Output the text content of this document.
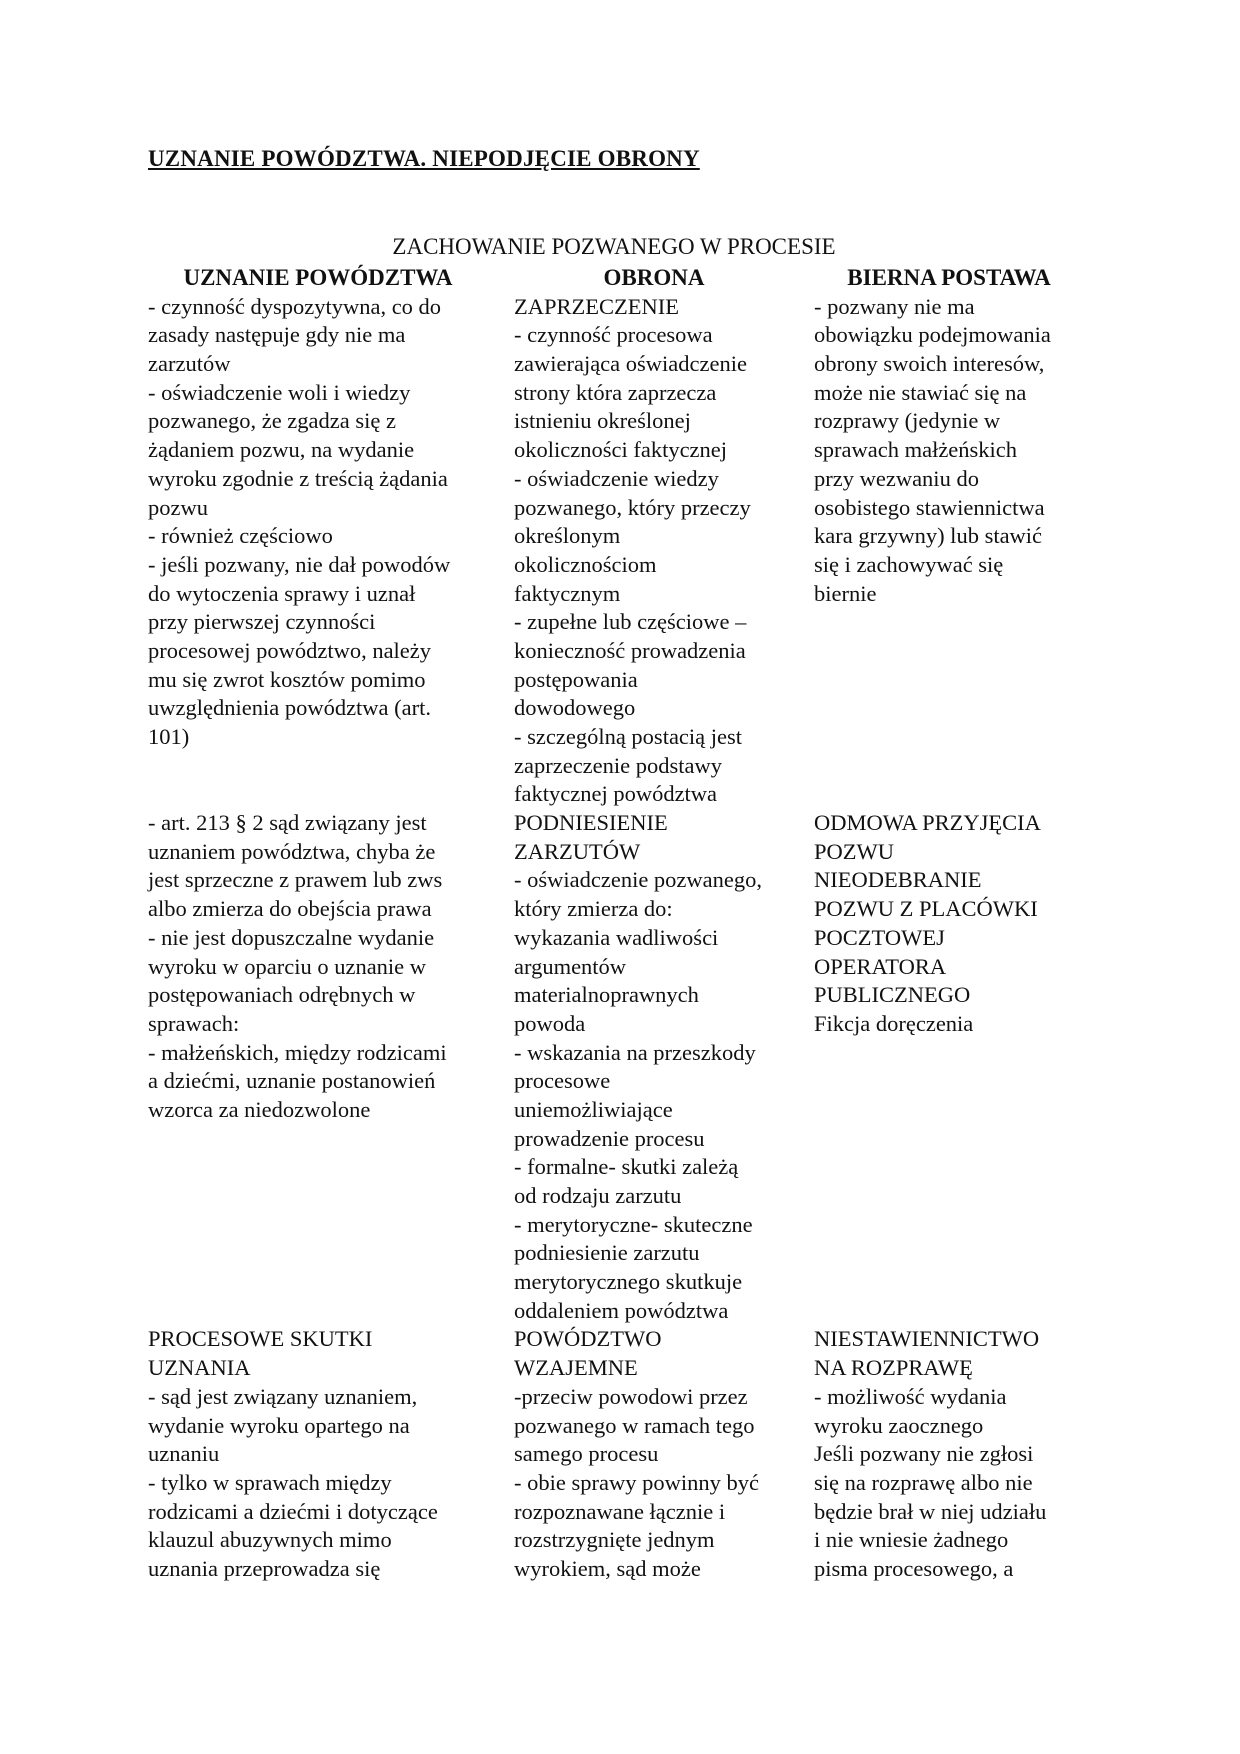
UZNANIE POWÓDZTWA. NIEPODJĘCIE OBRONY
ZACHOWANIE POZWANEGO W PROCESIE
UZNANIE POWÓDZTWA
- czynność dyspozytywna, co do
zasady następuje gdy nie ma
zarzutów
- oświadczenie woli i wiedzy
pozwanego, że zgadza się z
żądaniem pozwu, na wydanie
wyroku zgodnie z treścią żądania
pozwu
- również częściowo
- jeśli pozwany, nie dał powodów
do wytoczenia sprawy i uznał
przy pierwszej czynności
procesowej powództwo, należy
mu się zwrot kosztów pomimo
uwzględnienia powództwa (art.
101)
- art. 213 § 2 sąd związany jest
uznaniem powództwa, chyba że
jest sprzeczne z prawem lub zws
albo zmierza do obejścia prawa
- nie jest dopuszczalne wydanie
wyroku w oparciu o uznanie w
postępowaniach odrębnych w
sprawach:
- małżeńskich, między rodzicami
a dziećmi, uznanie postanowień
wzorca za niedozwolone
PROCESOWE SKUTKI
UZNANIA
- sąd jest związany uznaniem,
wydanie wyroku opartego na
uznaniu
- tylko w sprawach między
rodzicami a dziećmi i dotyczące
klauzul abuzywnych mimo
uznania przeprowadza się
OBRONA
ZAPRZECZENIE
- czynność procesowa
zawierająca oświadczenie
strony która zaprzecza
istnieniu określonej
okoliczności faktycznej
- oświadczenie wiedzy
pozwanego, który przeczy
określonym
okolicznościom
faktycznym
- zupełne lub częściowe –
konieczność prowadzenia
postępowania
dowodowego
- szczególną postacią jest
zaprzeczenie podstawy
faktycznej powództwa
PODNIESIENIE
ZARZUTÓW
- oświadczenie pozwanego,
który zmierza do:
wykazania wadliwości
argumentów
materialnoprawnych
powoda
- wskazania na przeszkody
procesowe
uniemożliwiające
prowadzenie procesu
- formalne- skutki zależą
od rodzaju zarzutu
- merytoryczne- skuteczne
podniesienie zarzutu
merytorycznego skutkuje
oddaleniem powództwa
POWÓDZTWO
WZAJEMNE
-przeciw powodowi przez
pozwanego w ramach tego
samego procesu
- obie sprawy powinny być
rozpoznawane łącznie i
rozstrzygnięte jednym
wyrokiem, sąd może
BIERNA POSTAWA
- pozwany nie ma
obowiązku podejmowania
obrony swoich interesów,
może nie stawiać się na
rozprawy (jedynie w
sprawach małżeńskich
przy wezwaniu do
osobistego stawiennictwa
kara grzywny) lub stawić
się i zachowywać się
biernie
ODMOWA PRZYJĘCIA
POZWU
NIEODEBRANIE
POZWU Z PLACÓWKI
POCZTOWEJ
OPERATORA
PUBLICZNEGO
Fikcja doręczenia
NIESTAWIENNICTWO
NA ROZPRAWĘ
- możliwość wydania
wyroku zaocznego
Jeśli pozwany nie zgłosi
się na rozprawę albo nie
będzie brał w niej udziału
i nie wniesie żadnego
pisma procesowego, a
